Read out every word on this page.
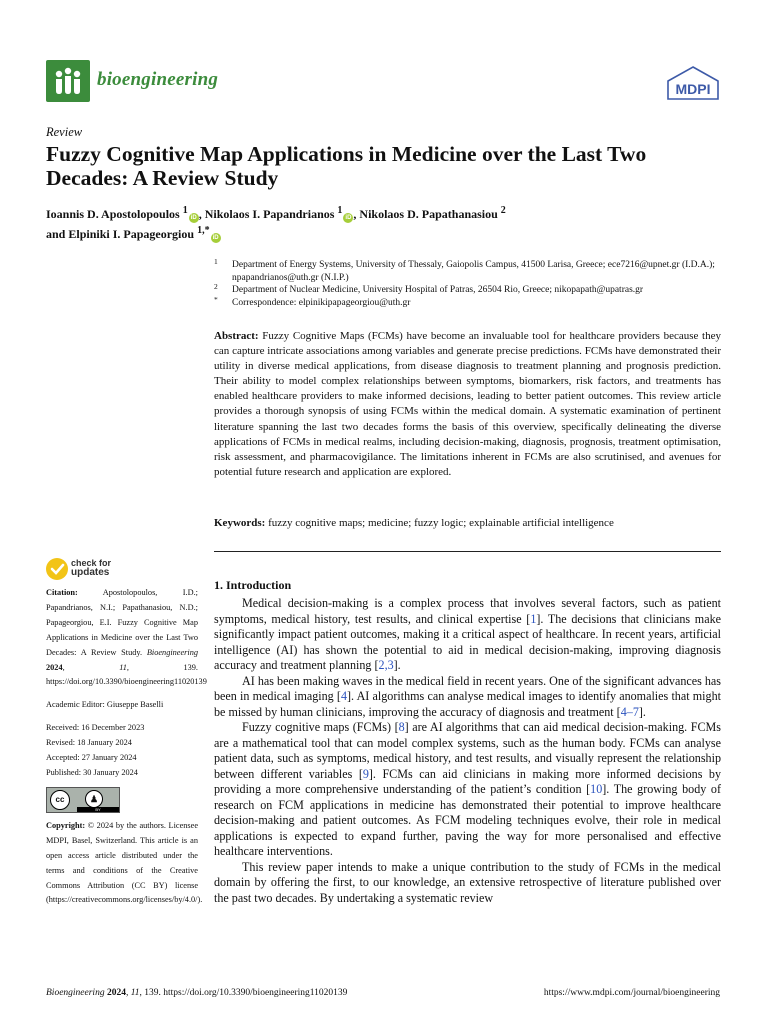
bioengineering	MDPI
Review
Fuzzy Cognitive Map Applications in Medicine over the Last Two Decades: A Review Study
Ioannis D. Apostolopoulos $^1$iD , Nikolaos I. Papandrianos $^1$iD , Nikolaos D. Papathanasiou $^2$
and Elpiniki I. Papageorgiou $^{1,*}$iD
1 Department of Energy Systems, University of Thessaly, Gaiopolis Campus, 41500 Larisa, Greece; ece7216@upnet.gr (I.D.A.); npapandrianos@uth.gr (N.I.P.)
2 Department of Nuclear Medicine, University Hospital of Patras, 26504 Rio, Greece; nikopapath@upatras.gr
* Correspondence: elpinikipapageorgiou@uth.gr

Abstract: Fuzzy Cognitive Maps (FCMs) have become an invaluable tool for healthcare providers because they can capture intricate associations among variables and generate precise predictions. FCMs have demonstrated their utility in diverse medical applications, from disease diagnosis to treatment planning and prognosis prediction. Their ability to model complex relationships between symptoms, biomarkers, risk factors, and treatments has enabled healthcare providers to make informed decisions, leading to better patient outcomes. This review article provides a thorough synopsis of using FCMs within the medical domain. A systematic examination of pertinent literature spanning the last two decades forms the basis of this overview, specifically delineating the diverse applications of FCMs in medical realms, including decision-making, diagnosis, prognosis, treatment optimisation, risk assessment, and pharmacovigilance. The limitations inherent in FCMs are also scrutinised, and avenues for potential future research and application are explored.

Keywords: fuzzy cognitive maps; medicine; fuzzy logic; explainable artificial intelligence
check for
updates

Citation:	Apostolopoulos, I.D.; Papandrianos, N.I.; Papathanasiou, N.D.; Papageorgiou, E.I. Fuzzy Cognitive Map Applications in Medicine over the Last Two Decades: A Review Study. Bioengineering 2024, 11, 139. https://doi.org/10.3390/bioengineering11020139

Academic Editor: Giuseppe Baselli

Received: 16 December 2023

Revised: 18 January 2024

Accepted: 27 January 2024

Published: 30 January 2024

cc	♟
BY

Copyright: © 2024 by the authors. Licensee MDPI, Basel, Switzerland. This article is an open access article distributed under the terms and conditions of the Creative Commons Attribution (CC BY) license (https://creativecommons.org/licenses/by/4.0/).

1. Introduction

Medical decision-making is a complex process that involves several factors, such as patient symptoms, medical history, test results, and clinical expertise [1]. The decisions that clinicians make significantly impact patient outcomes, making it a critical aspect of healthcare. In recent years, artificial intelligence (AI) has shown the potential to aid in medical decision-making, improving diagnosis accuracy and treatment planning [2,3].

AI has been making waves in the medical field in recent years. One of the significant advances has been in medical imaging [4]. AI algorithms can analyse medical images to identify anomalies that might be missed by human clinicians, improving the accuracy of diagnosis and treatment [4–7].

Fuzzy cognitive maps (FCMs) [8] are AI algorithms that can aid medical decision-making. FCMs are a mathematical tool that can model complex systems, such as the human body. FCMs can analyse patient data, such as symptoms, medical history, and test results, and visually represent the relationship between different variables [9]. FCMs can aid clinicians in making more informed decisions by providing a more comprehensive understanding of the patient’s condition [10]. The growing body of research on FCM applications in medicine has demonstrated their potential to improve healthcare decision-making and patient outcomes. As FCM modeling techniques evolve, their role in medical applications is expected to expand further, paving the way for more personalised and effective healthcare interventions.

This review paper intends to make a unique contribution to the study of FCMs in the medical domain by offering the first, to our knowledge, an extensive retrospective of literature published over the past two decades. By undertaking a systematic review

Bioengineering 2024, 11, 139. https://doi.org/10.3390/bioengineering11020139	https://www.mdpi.com/journal/bioengineering
